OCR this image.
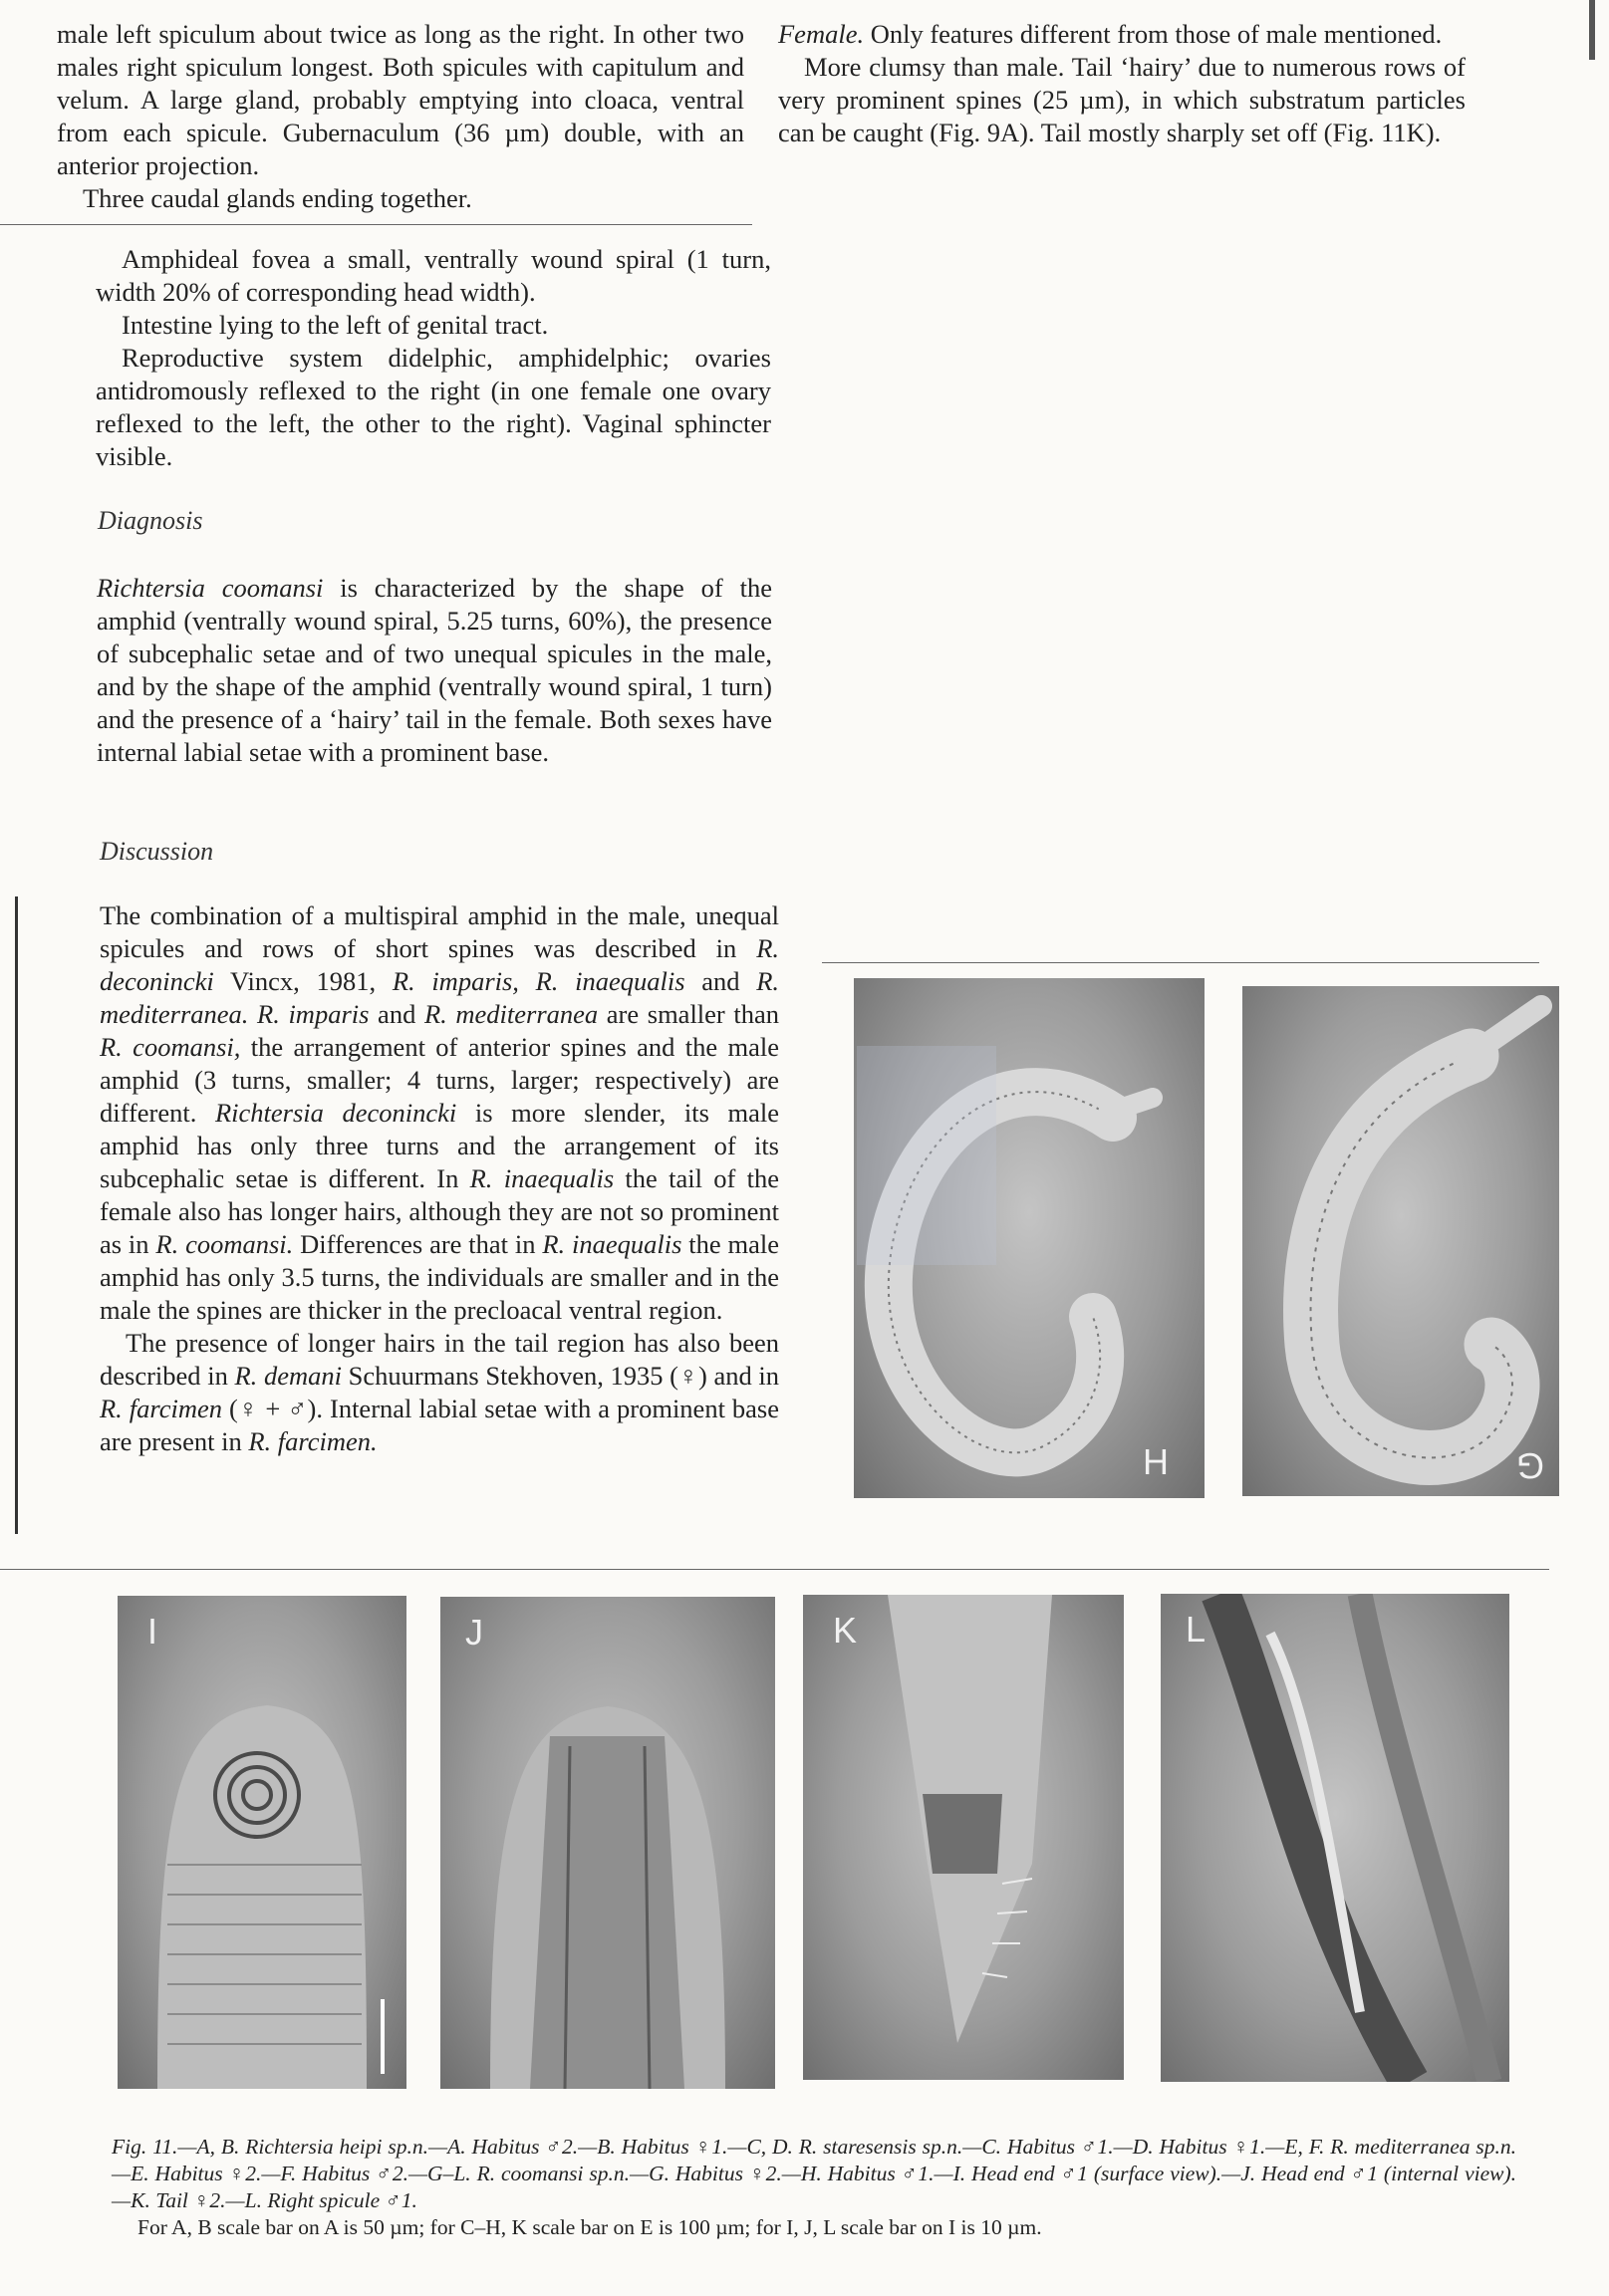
male left spiculum about twice as long as the right. In other two males right spiculum longest. Both spicules with capitulum and velum. A large gland, probably emptying into cloaca, ventral from each spicule. Gubernaculum (36 µm) double, with an anterior projection.

Three caudal glands ending together.

Female. Only features different from those of male mentioned.

More clumsy than male. Tail ‘hairy’ due to numerous rows of very prominent spines (25 µm), in which substratum particles can be caught (Fig. 9A). Tail mostly sharply set off (Fig. 11K).

Amphideal fovea a small, ventrally wound spiral (1 turn, width 20% of corresponding head width).

Intestine lying to the left of genital tract.

Reproductive system didelphic, amphidelphic; ovaries antidromously reflexed to the right (in one female one ovary reflexed to the left, the other to the right). Vaginal sphincter visible.

Diagnosis

Richtersia coomansi is characterized by the shape of the amphid (ventrally wound spiral, 5.25 turns, 60%), the presence of subcephalic setae and of two unequal spicules in the male, and by the shape of the amphid (ventrally wound spiral, 1 turn) and the presence of a ‘hairy’ tail in the female. Both sexes have internal labial setae with a prominent base.

Discussion

The combination of a multispiral amphid in the male, unequal spicules and rows of short spines was described in R. deconincki Vincx, 1981, R. imparis, R. inaequalis and R. mediterranea. R. imparis and R. mediterranea are smaller than R. coomansi, the arrangement of anterior spines and the male amphid (3 turns, smaller; 4 turns, larger; respectively) are different. Richtersia deconincki is more slender, its male amphid has only three turns and the arrangement of its subcephalic setae is different. In R. inaequalis the tail of the female also has longer hairs, although they are not so prominent as in R. coomansi. Differences are that in R. inaequalis the male amphid has only 3.5 turns, the individuals are smaller and in the male the spines are thicker in the precloacal ventral region.

The presence of longer hairs in the tail region has also been described in R. demani Schuurmans Stekhoven, 1935 (♀) and in R. farcimen (♀ + ♂). Internal labial setae with a prominent base are present in R. farcimen.	H	G
I	J	K	L

Fig. 11.—A, B. Richtersia heipi sp.n.—A. Habitus ♂2.—B. Habitus ♀1.—C, D. R. staresensis sp.n.—C. Habitus ♂1.—D. Habitus ♀1.—E, F. R. mediterranea sp.n.—E. Habitus ♀2.—F. Habitus ♂2.—G–L. R. coomansi sp.n.—G. Habitus ♀2.—H. Habitus ♂1.—I. Head end ♂1 (surface view).—J. Head end ♂1 (internal view).—K. Tail ♀2.—L. Right spicule ♂1.

For A, B scale bar on A is 50 µm; for C–H, K scale bar on E is 100 µm; for I, J, L scale bar on I is 10 µm.
